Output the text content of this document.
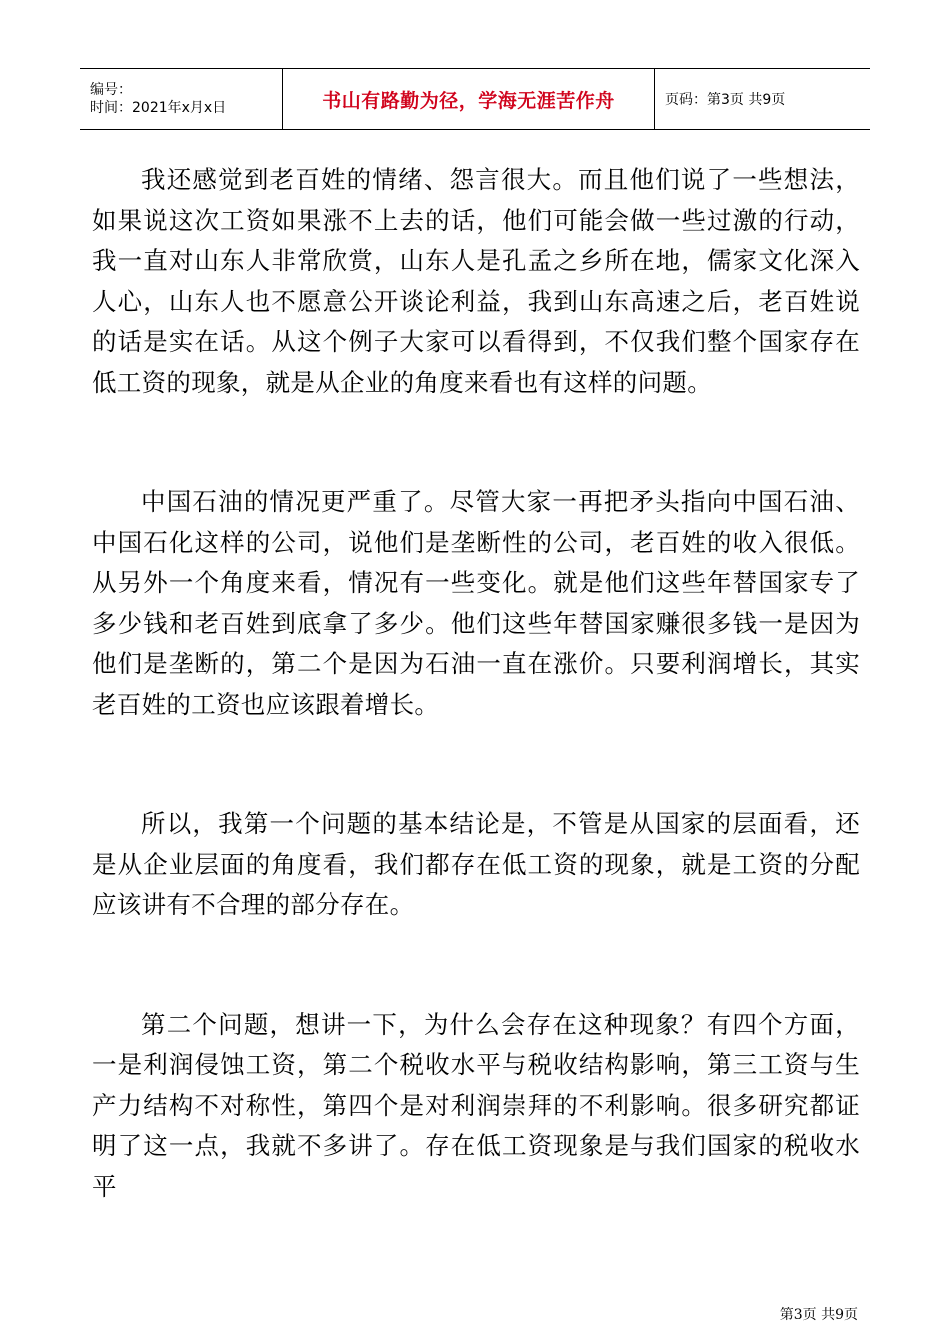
编号：
时间：2021年x月x日	书山有路勤为径，学海无涯苦作舟	页码：第3页 共9页

我还感觉到老百姓的情绪、怨言很大。而且他们说了一些想法，如果说这次工资如果涨不上去的话，他们可能会做一些过激的行动，我一直对山东人非常欣赏，山东人是孔孟之乡所在地，儒家文化深入人心，山东人也不愿意公开谈论利益，我到山东高速之后，老百姓说的话是实在话。从这个例子大家可以看得到，不仅我们整个国家存在低工资的现象，就是从企业的角度来看也有这样的问题。

中国石油的情况更严重了。尽管大家一再把矛头指向中国石油、中国石化这样的公司，说他们是垄断性的公司，老百姓的收入很低。从另外一个角度来看，情况有一些变化。就是他们这些年替国家专了多少钱和老百姓到底拿了多少。他们这些年替国家赚很多钱一是因为他们是垄断的，第二个是因为石油一直在涨价。只要利润增长，其实老百姓的工资也应该跟着增长。

所以，我第一个问题的基本结论是，不管是从国家的层面看，还是从企业层面的角度看，我们都存在低工资的现象，就是工资的分配应该讲有不合理的部分存在。

第二个问题，想讲一下，为什么会存在这种现象？有四个方面，一是利润侵蚀工资，第二个税收水平与税收结构影响，第三工资与生产力结构不对称性，第四个是对利润崇拜的不利影响。很多研究都证明了这一点，我就不多讲了。存在低工资现象是与我们国家的税收水平

第3页 共9页
